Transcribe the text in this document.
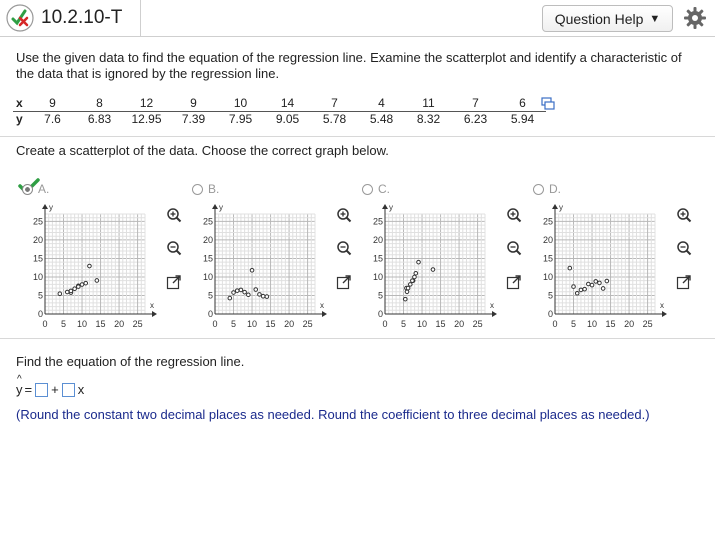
10.2.10-T	Question Help ▼
Use the given data to find the equation of the regression line. Examine the scatterplot and identify a characteristic of the data that is ignored by the regression line.
x	9	8	12	9	10	14	7	4	11	7	6
y	7.6	6.83	12.95	7.39	7.95	9.05	5.78	5.48	8.32	6.23	5.94
Create a scatterplot of the data. Choose the correct graph below.
A.	B.	C.	D.
x
y
0 5 10 15 20 25
0
5
10
15
20
25
x
y
0 5 10 15 20 25
0
5
10
15
20
25
x
y
0 5 10 15 20 25
0
5
10
15
20
25
x
y
0 5 10 15 20 25
0
5
10
15
20
25
Find the equation of the regression line.
^
y = + x
(Round the constant two decimal places as needed. Round the coefficient to three decimal places as needed.)
